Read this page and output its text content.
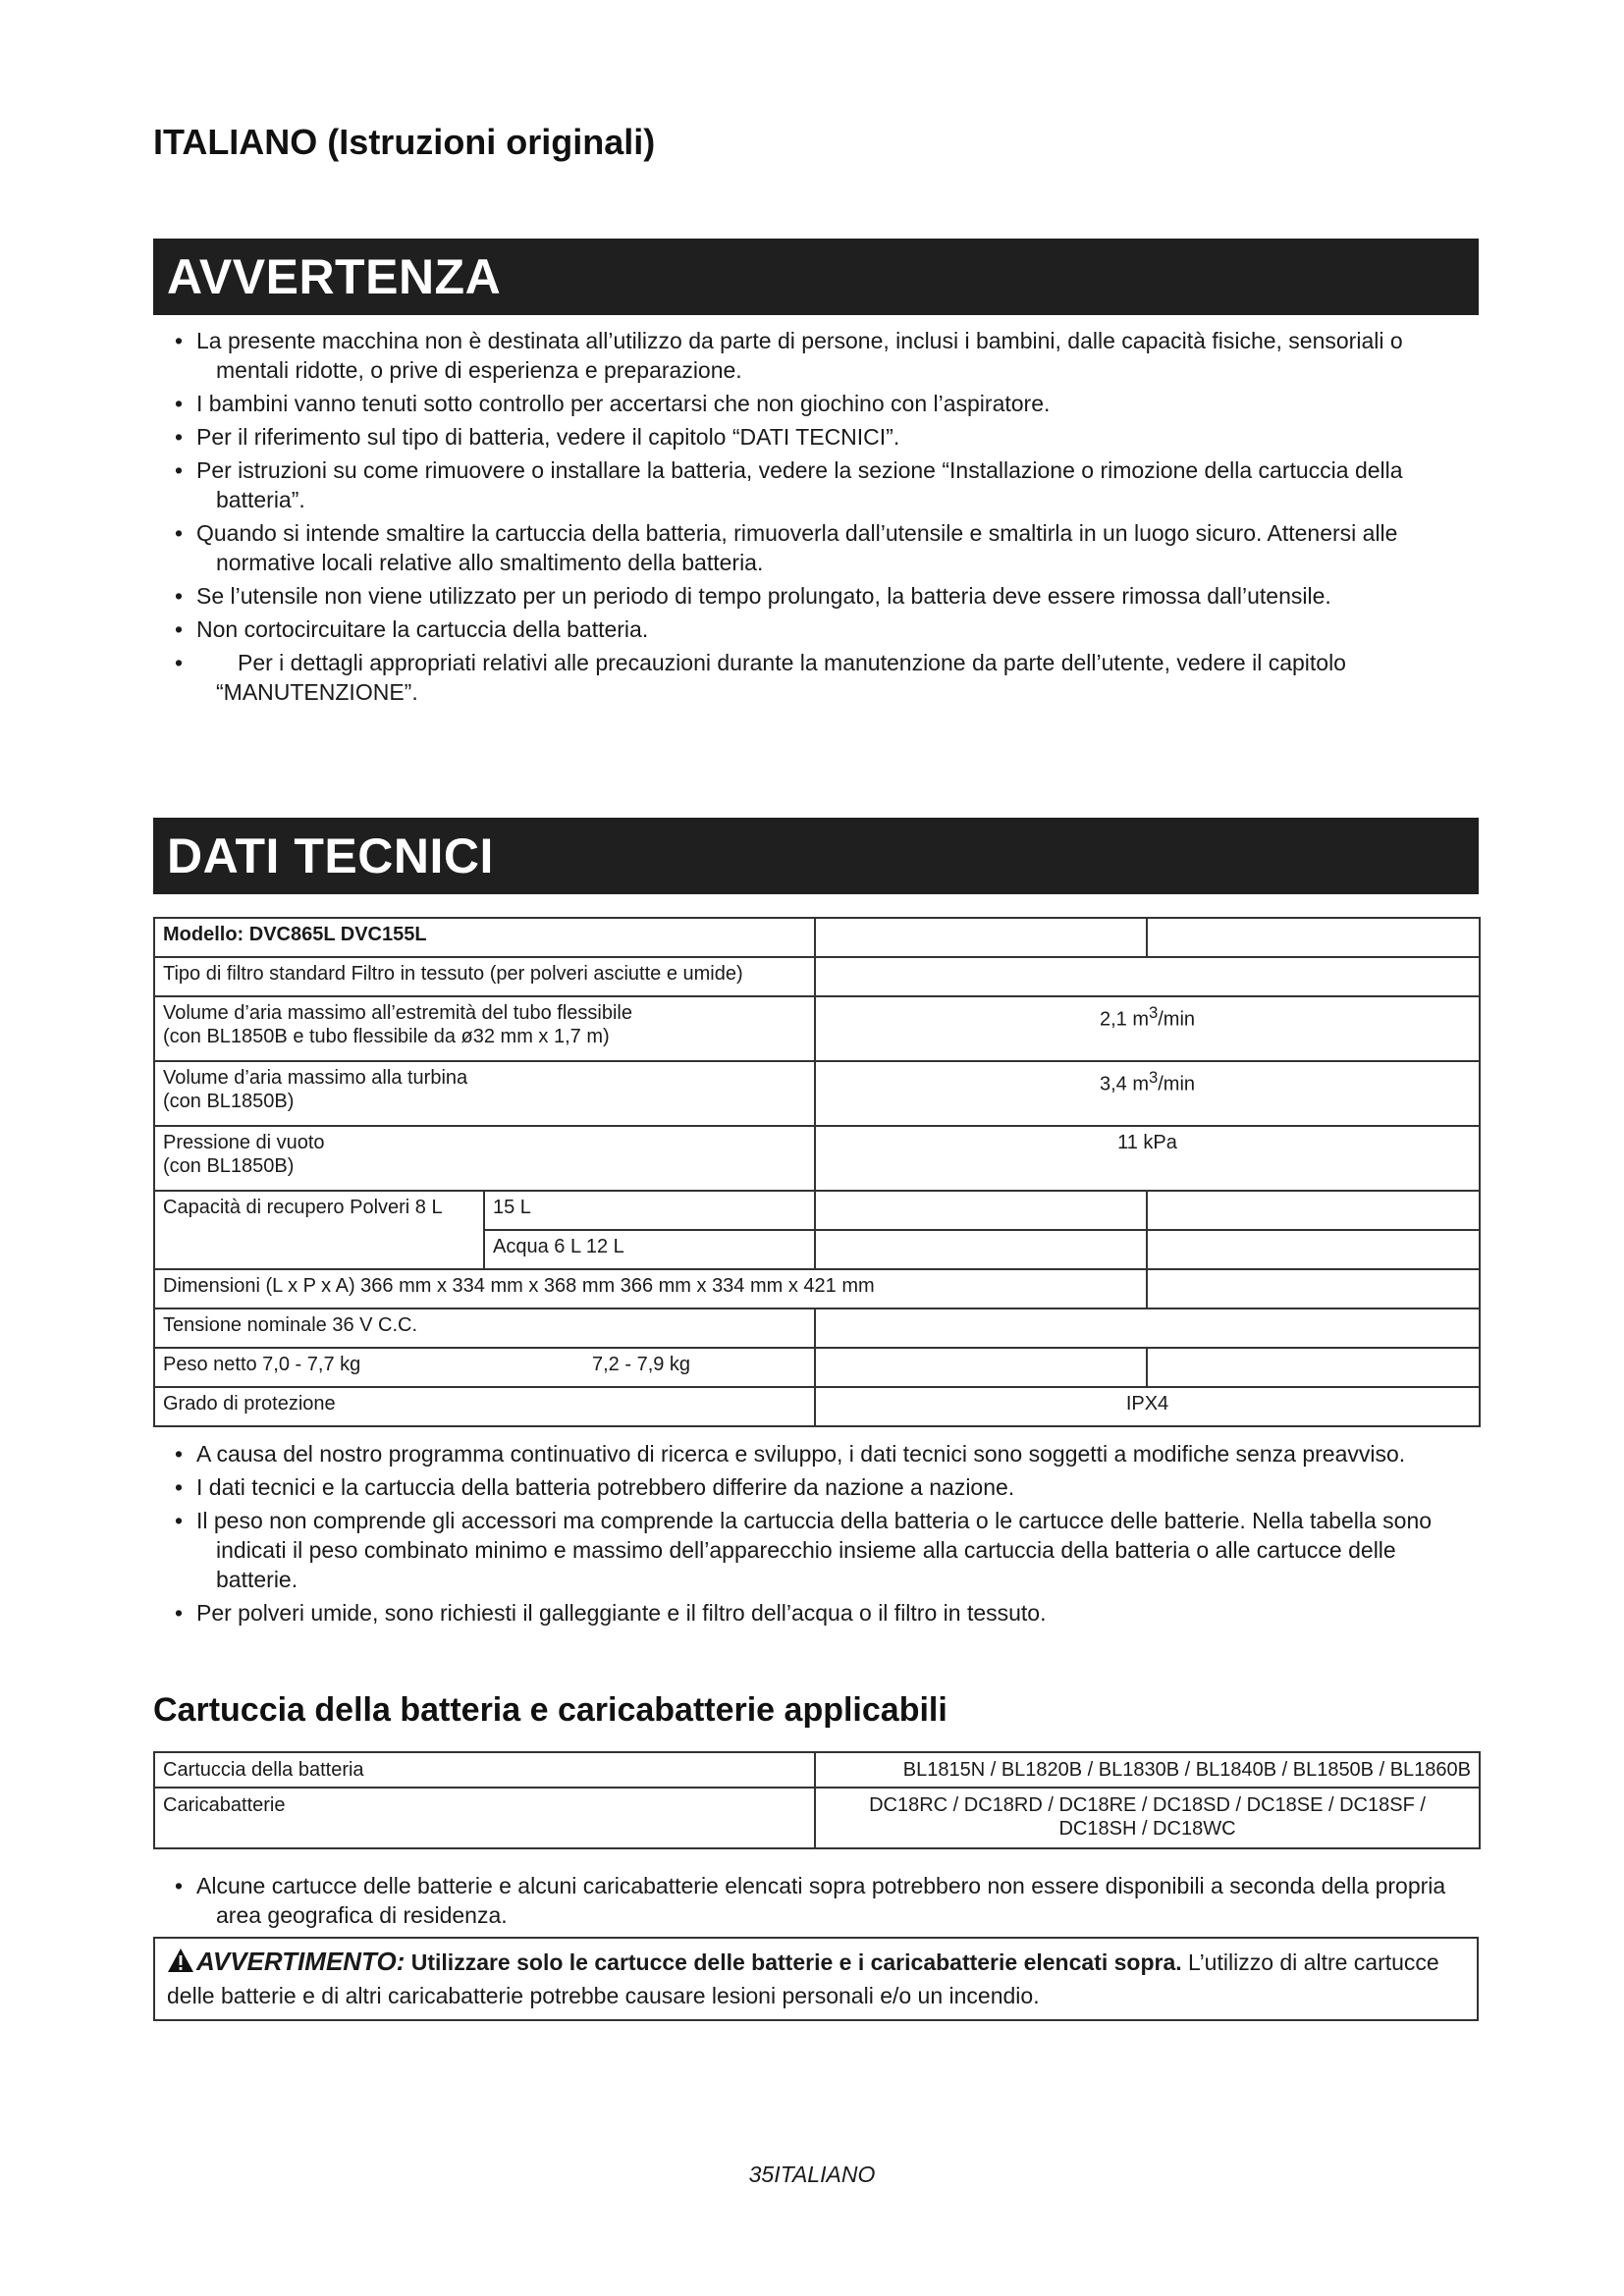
ITALIANO (Istruzioni originali)
AVVERTENZA
• La presente macchina non è destinata all’utilizzo da parte di persone, inclusi i bambini, dalle capacità fisiche, sensoriali o mentali ridotte, o prive di esperienza e preparazione.
• I bambini vanno tenuti sotto controllo per accertarsi che non giochino con l’aspiratore.
• Per il riferimento sul tipo di batteria, vedere il capitolo “DATI TECNICI”.
• Per istruzioni su come rimuovere o installare la batteria, vedere la sezione “Installazione o rimozione della cartuccia della batteria”.
• Quando si intende smaltire la cartuccia della batteria, rimuoverla dall’utensile e smaltirla in un luogo sicuro. Attenersi alle normative locali relative allo smaltimento della batteria.
• Se l’utensile non viene utilizzato per un periodo di tempo prolungato, la batteria deve essere rimossa dall’utensile.
• Non cortocircuitare la cartuccia della batteria.
• Per i dettagli appropriati relativi alle precauzioni durante la manutenzione da parte dell’utente, vedere il capitolo “MANUTENZIONE”.
DATI TECNICI
Modello: DVC865L DVC155L			
Tipo di filtro standard Filtro in tessuto (per polveri asciutte e umide)			

Volume d’aria massimo all’estremità del tubo flessibile
(con BL1850B e tubo flessibile da ø32 mm x 1,7 m)		2,1 $m^3/\min$	

Volume d’aria massimo alla turbina
(con BL1850B)		3,4 $m^3/\min$	

Pressione di vuoto
(con BL1850B)		11 kPa	
Capacità di recupero Polveri 8 L	15 L		
	Acqua 6 L 12 L		
Dimensioni (L x P x A) 366 mm x 334 mm x 368 mm 366 mm x 334 mm x 421 mm			
Tensione nominale 36 V C.C.			
Peso netto 7,0 - 7,7 kg	7,2 - 7,9 kg		
Grado di protezione		IPX4	
• A causa del nostro programma continuativo di ricerca e sviluppo, i dati tecnici sono soggetti a modifiche senza preavviso.
• I dati tecnici e la cartuccia della batteria potrebbero differire da nazione a nazione.
• Il peso non comprende gli accessori ma comprende la cartuccia della batteria o le cartucce delle batterie. Nella tabella sono indicati il peso combinato minimo e massimo dell’apparecchio insieme alla cartuccia della batteria o alle cartucce delle batterie.
• Per polveri umide, sono richiesti il galleggiante e il filtro dell’acqua o il filtro in tessuto.
Cartuccia della batteria e caricabatterie applicabili
Cartuccia della batteria	BL1815N / BL1820B / BL1830B / BL1840B / BL1850B / BL1860B
Caricabatterie	DC18RC / DC18RD / DC18RE / DC18SD / DC18SE / DC18SF /
DC18SH / DC18WC
• Alcune cartucce delle batterie e alcuni caricabatterie elencati sopra potrebbero non essere disponibili a seconda della propria area geografica di residenza.
AVVERTIMENTO: Utilizzare solo le cartucce delle batterie e i caricabatterie elencati sopra. L’utilizzo di altre cartucce delle batterie e di altri caricabatterie potrebbe causare lesioni personali e/o un incendio.
35ITALIANO
